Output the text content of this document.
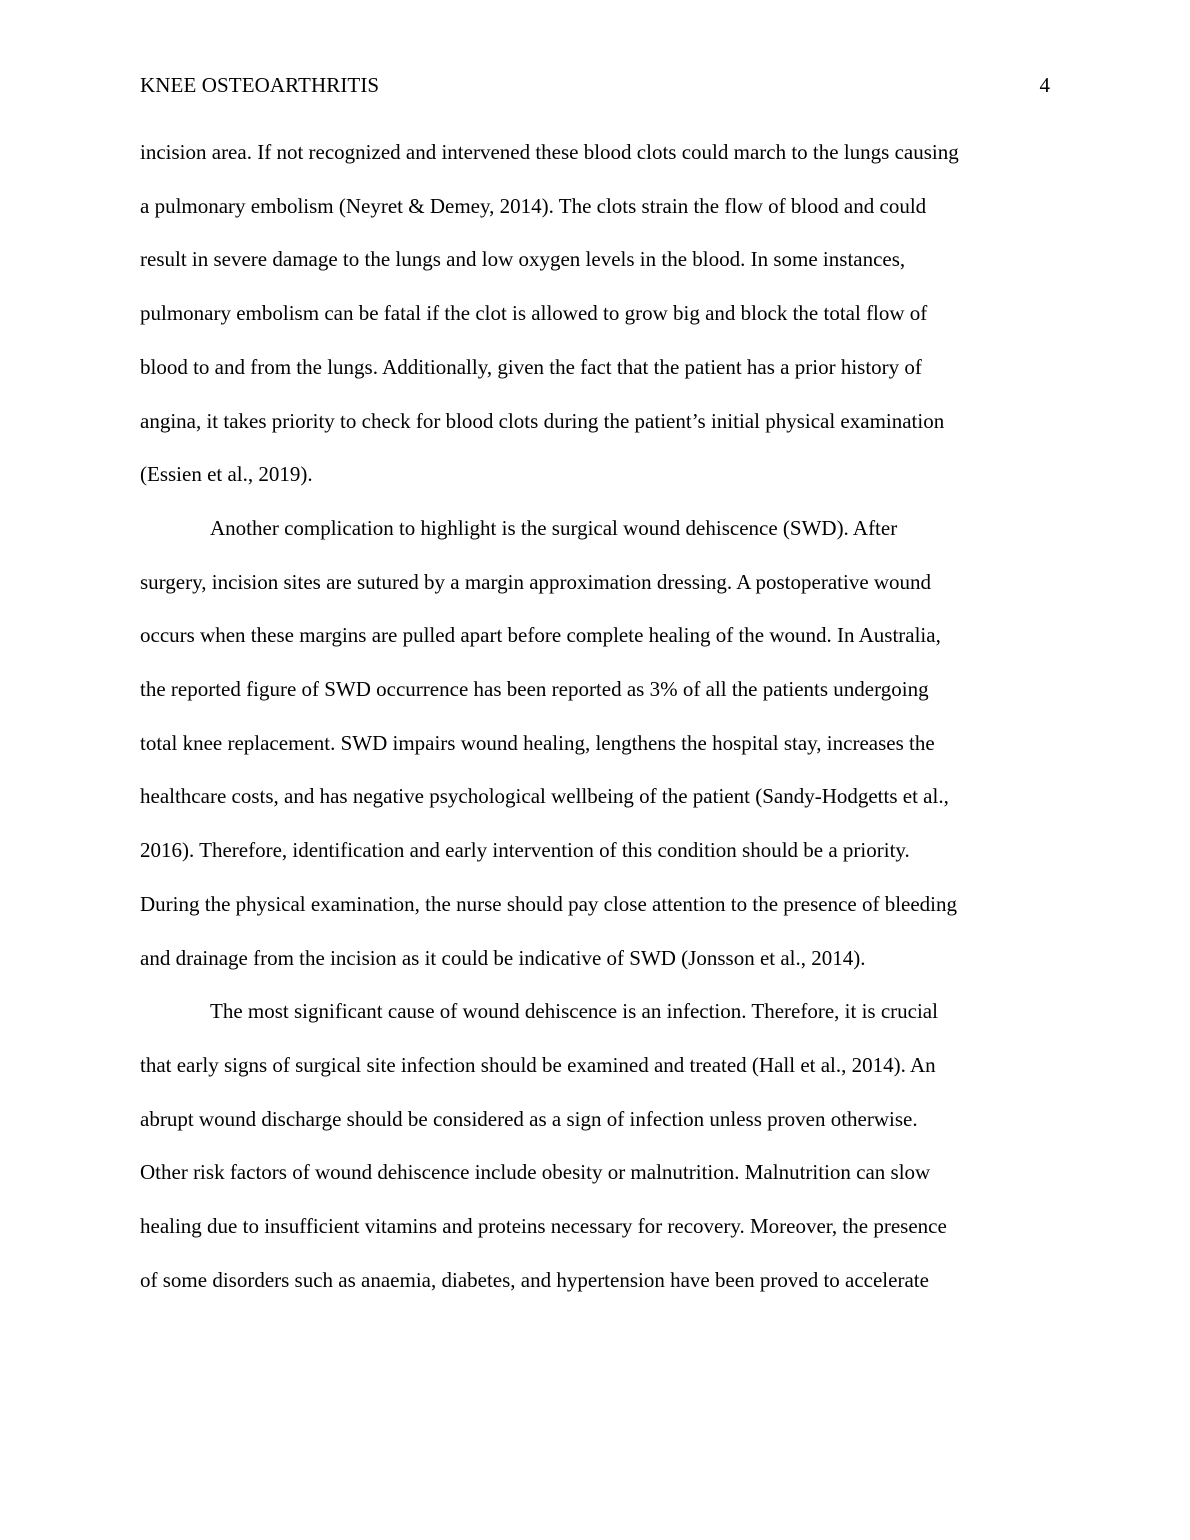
KNEE OSTEOARTHRITIS	4

incision area. If not recognized and intervened these blood clots could march to the lungs causing
a pulmonary embolism (Neyret & Demey, 2014). The clots strain the flow of blood and could
result in severe damage to the lungs and low oxygen levels in the blood. In some instances,
pulmonary embolism can be fatal if the clot is allowed to grow big and block the total flow of
blood to and from the lungs. Additionally, given the fact that the patient has a prior history of
angina, it takes priority to check for blood clots during the patient’s initial physical examination
(Essien et al., 2019).

Another complication to highlight is the surgical wound dehiscence (SWD). After
surgery, incision sites are sutured by a margin approximation dressing. A postoperative wound
occurs when these margins are pulled apart before complete healing of the wound. In Australia,
the reported figure of SWD occurrence has been reported as 3% of all the patients undergoing
total knee replacement. SWD impairs wound healing, lengthens the hospital stay, increases the
healthcare costs, and has negative psychological wellbeing of the patient (Sandy-Hodgetts et al.,
2016). Therefore, identification and early intervention of this condition should be a priority.
During the physical examination, the nurse should pay close attention to the presence of bleeding
and drainage from the incision as it could be indicative of SWD (Jonsson et al., 2014).

The most significant cause of wound dehiscence is an infection. Therefore, it is crucial
that early signs of surgical site infection should be examined and treated (Hall et al., 2014). An
abrupt wound discharge should be considered as a sign of infection unless proven otherwise.
Other risk factors of wound dehiscence include obesity or malnutrition. Malnutrition can slow
healing due to insufficient vitamins and proteins necessary for recovery. Moreover, the presence
of some disorders such as anaemia, diabetes, and hypertension have been proved to accelerate
